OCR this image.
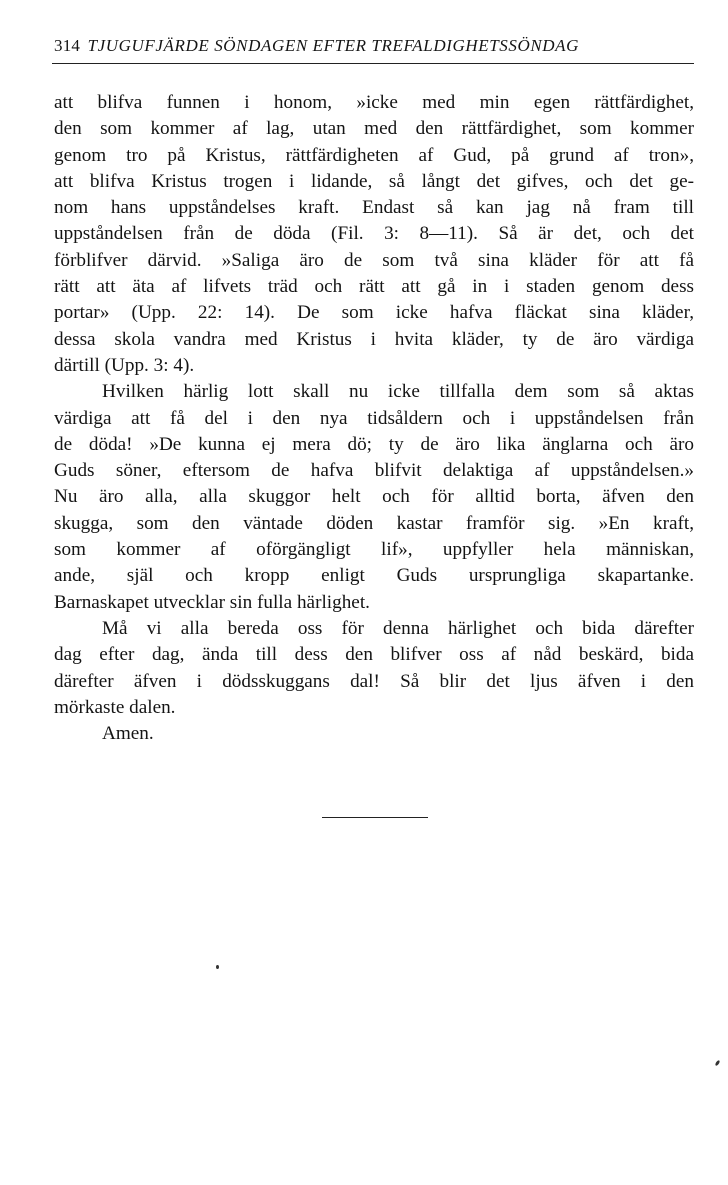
314 TJUGUFJÄRDE SÖNDAGEN EFTER TREFALDIGHETSSÖNDAG
att blifva funnen i honom, »icke med min egen rättfärdighet,
den som kommer af lag, utan med den rättfärdighet, som kommer
genom tro på Kristus, rättfärdigheten af Gud, på grund af tron»,
att blifva Kristus trogen i lidande, så långt det gifves, och det ge-
nom hans uppståndelses kraft. Endast så kan jag nå fram till
uppståndelsen från de döda (Fil. 3: 8—11). Så är det, och det
förblifver därvid. »Saliga äro de som två sina kläder för att få
rätt att äta af lifvets träd och rätt att gå in i staden genom dess
portar» (Upp. 22: 14). De som icke hafva fläckat sina kläder,
dessa skola vandra med Kristus i hvita kläder, ty de äro värdiga
därtill (Upp. 3: 4).
Hvilken härlig lott skall nu icke tillfalla dem som så aktas
värdiga att få del i den nya tidsåldern och i uppståndelsen från
de döda! »De kunna ej mera dö; ty de äro lika änglarna och äro
Guds söner, eftersom de hafva blifvit delaktiga af uppståndelsen.»
Nu äro alla, alla skuggor helt och för alltid borta, äfven den
skugga, som den väntade döden kastar framför sig. »En kraft,
som kommer af oförgängligt lif», uppfyller hela människan,
ande, själ och kropp enligt Guds ursprungliga skapartanke.
Barnaskapet utvecklar sin fulla härlighet.
Må vi alla bereda oss för denna härlighet och bida därefter
dag efter dag, ända till dess den blifver oss af nåd beskärd, bida
därefter äfven i dödsskuggans dal! Så blir det ljus äfven i den
mörkaste dalen.
Amen.
